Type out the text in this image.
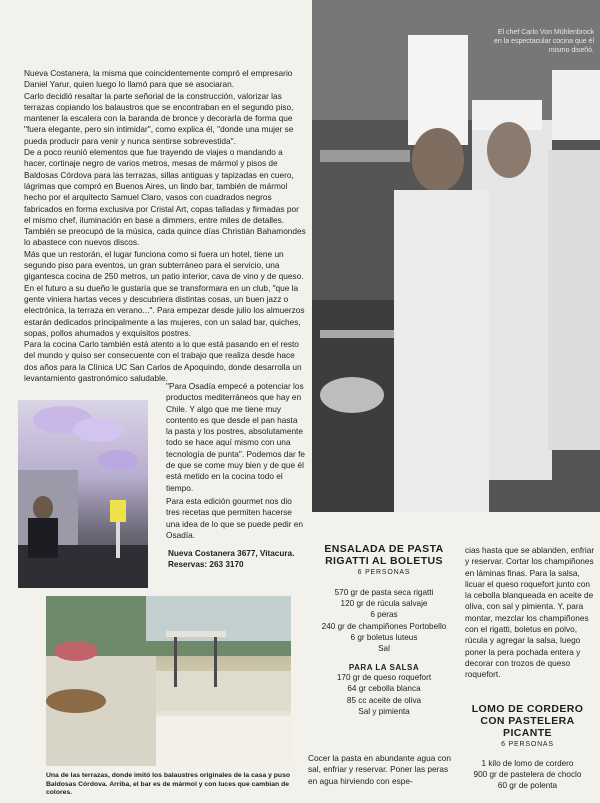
Nueva Costanera, la misma que coincidentemente compró el empresario Daniel Yarur, quien luego lo llamó para que se asociaran.

Carlo decidió resaltar la parte señorial de la construcción, valorizar las terrazas copiando los balaustros que se encontraban en el segundo piso, mantener la escalera con la baranda de bronce y decorarla de forma que "fuera elegante, pero sin intimidar", como explica él, "donde una mujer se pueda producir para venir y nunca sentirse sobrevestida".

De a poco reunió elementos que fue trayendo de viajes o mandando a hacer, cortinaje negro de varios metros, mesas de mármol y pisos de Baldosas Córdova para las terrazas, sillas antiguas y tapizadas en cuero, lágrimas que compró en Buenos Aires, un lindo bar, también de mármol hecho por el arquitecto Samuel Claro, vasos con cuadrados negros fabricados en forma exclusiva por Cristal Art, copas talladas y firmadas por el mismo chef, iluminación en base a dimmers, entre miles de detalles. También se preocupó de la música, cada quince días Christián Bahamondes lo abastece con nuevos discos.

Más que un restorán, el lugar funciona como si fuera un hotel, tiene un segundo piso para eventos, un gran subterráneo para el servicio, una gigantesca cocina de 250 metros, un patio interior, cava de vino y de queso. En el futuro a su dueño le gustaría que se transformara en un club, "que la gente viniera hartas veces y descubriera distintas cosas, un buen jazz o electrónica, la terraza en verano...". Para empezar desde julio los almuerzos estarán dedicados principalmente a las mujeres, con un salad bar, quiches, sopas, pollos ahumados y exquisitos postres.

Para la cocina Carlo también está atento a lo que está pasando en el resto del mundo y quiso ser consecuente con el trabajo que realiza desde hace dos años para la Clínica UC San Carlos de Apoquindo, donde desarrolla un levantamiento gastronómico saludable.

"Para Osadía empecé a potenciar los productos mediterráneos que hay en Chile. Y algo que me tiene muy contento es que desde el pan hasta la pasta y los postres, absolutamente todo se hace aquí mismo con una tecnología de punta". Podemos dar fe de que se come muy bien y de que él está metido en la cocina todo el tiempo.

Para esta edición gourmet nos dio tres recetas que permiten hacerse una idea de lo que se puede pedir en Osadía.

Nueva Costanera 3677, Vitacura.
Reservas: 263 3170
El chef Carlo Von Mühlenbrock en la espectacular cocina que él mismo diseñó.
Una de las terrazas, donde imitó los balaustres originales de la casa y puso Baldosas Córdova. Arriba, el bar es de mármol y con luces que cambian de colores.
ENSALADA DE PASTA
RIGATTI AL BOLETUS
6 PERSONAS
570 gr de pasta seca rigatti
120 gr de rúcula salvaje
6 peras
240 gr de champiñones Portobello
6 gr boletus luteus
Sal
PARA LA SALSA
170 gr de queso roquefort
64 gr cebolla blanca
85 cc aceite de oliva
Sal y pimienta
Cocer la pasta en abundante agua con sal, enfriar y reservar. Poner las peras en agua hirviendo con espe-
cias hasta que se ablanden, enfriar y reservar. Cortar los champiñones en láminas finas. Para la salsa, licuar el queso roquefort junto con la cebolla blanqueada en aceite de oliva, con sal y pimienta. Y, para montar, mezclar los champiñones con el rigatti, boletus en polvo, rúcula y agregar la salsa, luego poner la pera pochada entera y decorar con trozos de queso roquefort.
LOMO DE CORDERO
CON PASTELERA PICANTE
6 PERSONAS
1 kilo de lomo de cordero
900 gr de pastelera de choclo
60 gr de polenta
